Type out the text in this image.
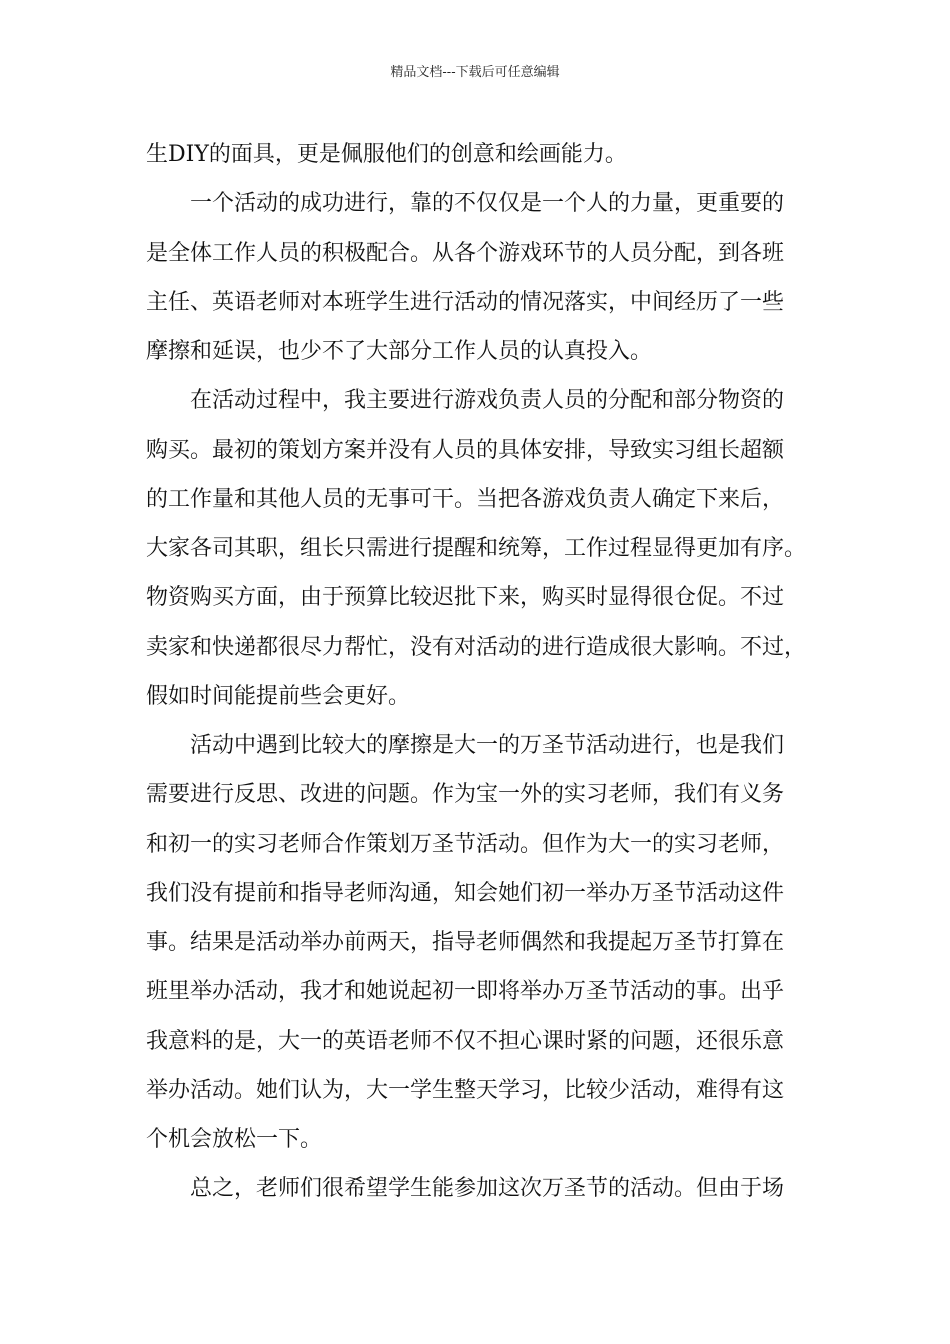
精品文档---下载后可任意编辑
生DIY的面具，更是佩服他们的创意和绘画能力。
一个活动的成功进行，靠的不仅仅是一个人的力量，更重要的
是全体工作人员的积极配合。从各个游戏环节的人员分配，到各班
主任、英语老师对本班学生进行活动的情况落实，中间经历了一些
摩擦和延误，也少不了大部分工作人员的认真投入。
在活动过程中，我主要进行游戏负责人员的分配和部分物资的
购买。最初的策划方案并没有人员的具体安排，导致实习组长超额
的工作量和其他人员的无事可干。当把各游戏负责人确定下来后，
大家各司其职，组长只需进行提醒和统筹，工作过程显得更加有序。
物资购买方面，由于预算比较迟批下来，购买时显得很仓促。不过
卖家和快递都很尽力帮忙，没有对活动的进行造成很大影响。不过，
假如时间能提前些会更好。
活动中遇到比较大的摩擦是大一的万圣节活动进行，也是我们
需要进行反思、改进的问题。作为宝一外的实习老师，我们有义务
和初一的实习老师合作策划万圣节活动。但作为大一的实习老师，
我们没有提前和指导老师沟通，知会她们初一举办万圣节活动这件
事。结果是活动举办前两天，指导老师偶然和我提起万圣节打算在
班里举办活动，我才和她说起初一即将举办万圣节活动的事。出乎
我意料的是，大一的英语老师不仅不担心课时紧的问题，还很乐意
举办活动。她们认为，大一学生整天学习，比较少活动，难得有这
个机会放松一下。
总之，老师们很希望学生能参加这次万圣节的活动。但由于场
